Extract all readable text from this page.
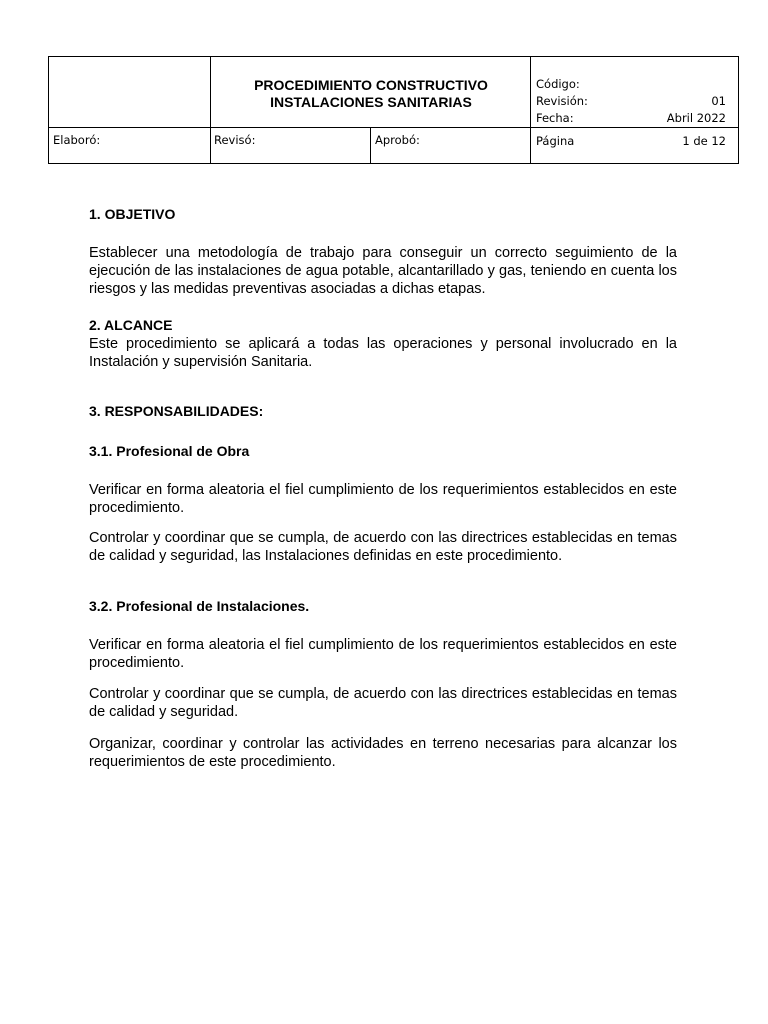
PROCEDIMIENTO CONSTRUCTIVO
INSTALACIONES SANITARIAS
Elaboró:	Revisó:	Aprobó:
Código:
Revisión:	01
Fecha:	Abril 2022
Página	1 de 12
1. OBJETIVO

Establecer una metodología de trabajo para conseguir un correcto seguimiento de la ejecución de las instalaciones de agua potable, alcantarillado y gas, teniendo en cuenta los riesgos y las medidas preventivas asociadas a dichas etapas.

2. ALCANCE

Este procedimiento se aplicará a todas las operaciones y personal involucrado en la Instalación y supervisión Sanitaria.

3. RESPONSABILIDADES:
3.1. Profesional de Obra

Verificar en forma aleatoria el fiel cumplimiento de los requerimientos establecidos en este procedimiento.

Controlar y coordinar que se cumpla, de acuerdo con las directrices establecidas en temas de calidad y seguridad, las Instalaciones definidas en este procedimiento.

3.2. Profesional de Instalaciones.

Verificar en forma aleatoria el fiel cumplimiento de los requerimientos establecidos en este procedimiento.

Controlar y coordinar que se cumpla, de acuerdo con las directrices establecidas en temas de calidad y seguridad.

Organizar, coordinar y controlar las actividades en terreno necesarias para alcanzar los requerimientos de este procedimiento.
